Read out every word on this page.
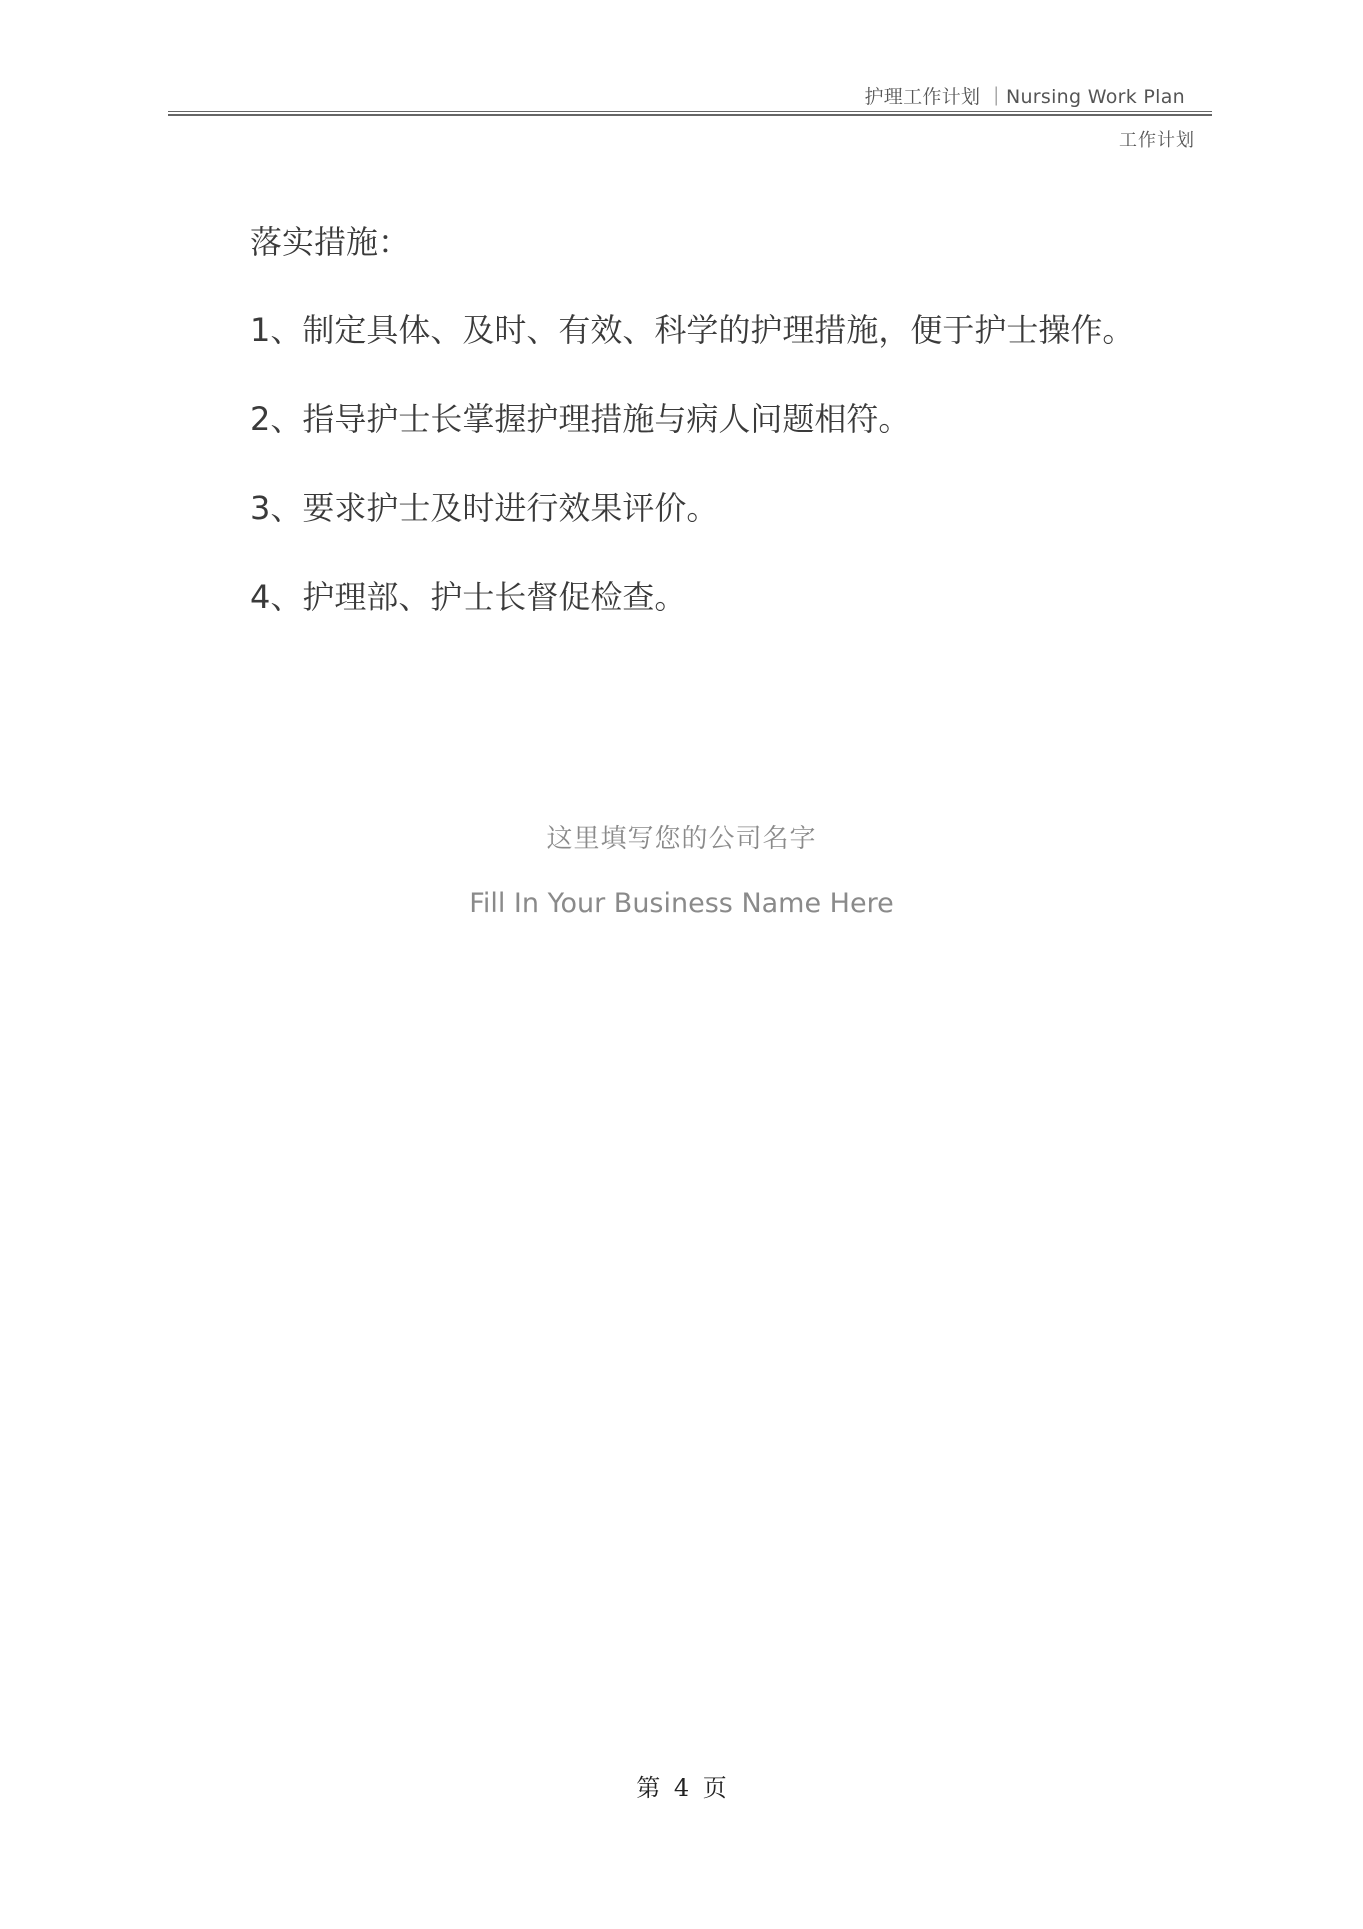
护理工作计划 ｜Nursing Work Plan
工作计划

落实措施：

1、制定具体、及时、有效、科学的护理措施，便于护士操作。
2、指导护士长掌握护理措施与病人问题相符。
3、要求护士及时进行效果评价。
4、护理部、护士长督促检查。
这里填写您的公司名字
Fill In Your Business Name Here
第 4 页
